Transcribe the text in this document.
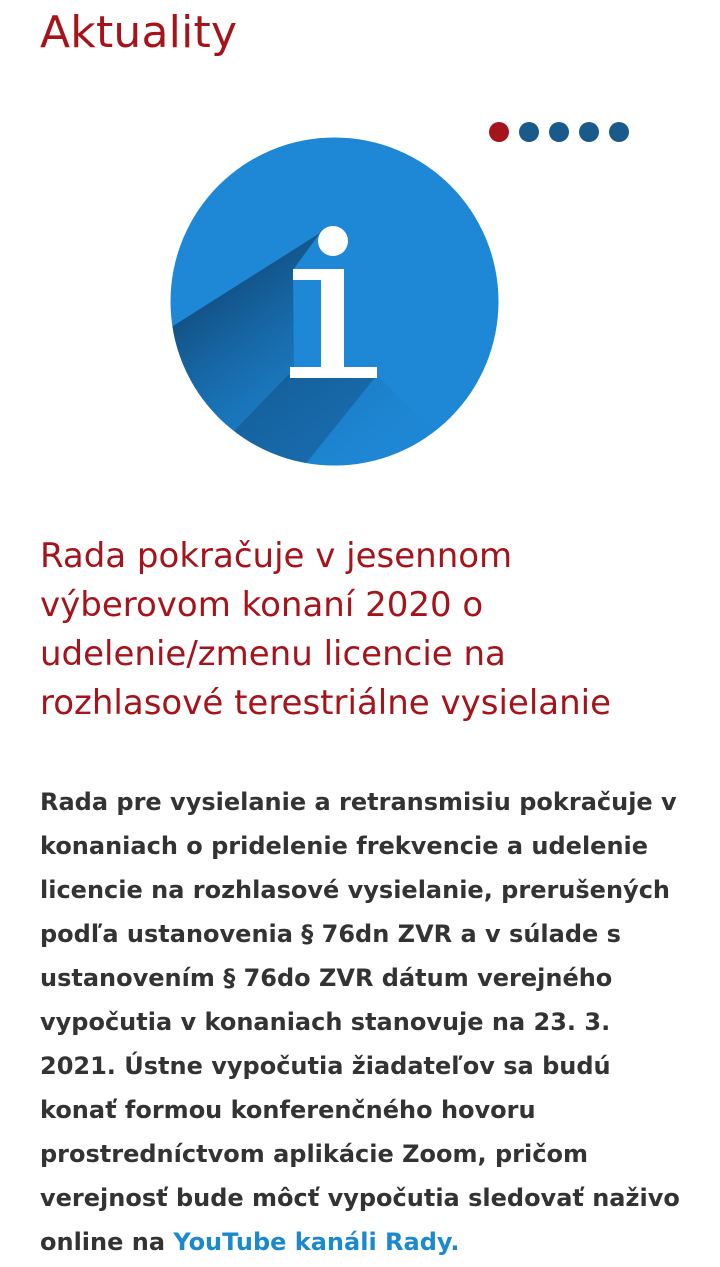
Aktuality
Rada pokračuje v jesennom výberovom konaní 2020 o udelenie/zmenu licencie na rozhlasové terestriálne vysielanie

Rada pre vysielanie a retransmisiu pokračuje v konaniach o pridelenie frekvencie a udelenie licencie na rozhlasové vysielanie, prerušených podľa ustanovenia § 76dn ZVR a v súlade s ustanovením § 76do ZVR dátum verejného vypočutia v konaniach stanovuje na 23. 3. 2021. Ústne vypočutia žiadateľov sa budú konať formou konferenčného hovoru prostredníctvom aplikácie Zoom, pričom verejnosť bude môcť vypočutia sledovať naživo online na YouTube kanáli Rady.
